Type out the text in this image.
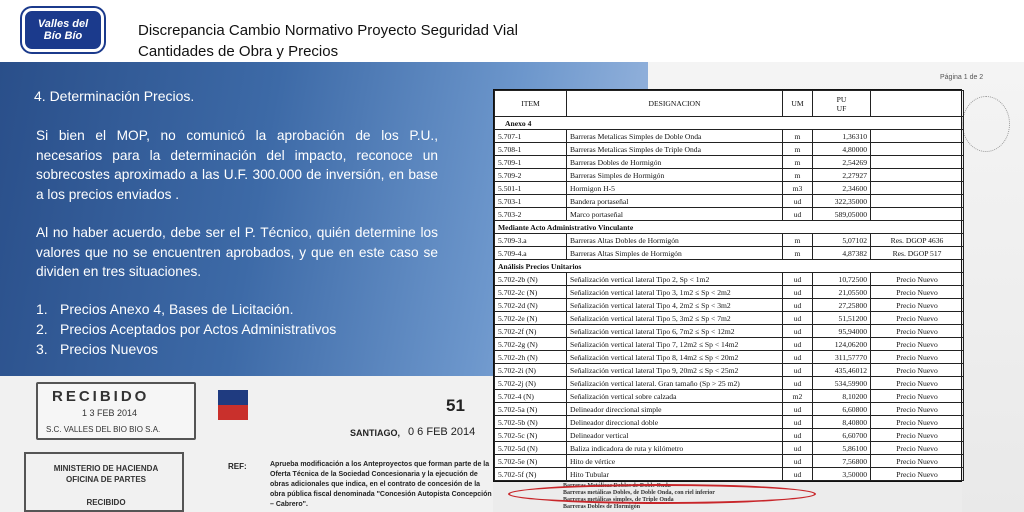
Valles del
Bío Bío	Discrepancia Cambio Normativo Proyecto Seguridad Vial
Cantidades de Obra y Precios
Página 1 de 2
RECIBIDO
1 3 FEB 2014
S.C. VALLES DEL BIO BIO S.A.
51
SANTIAGO, 0 6 FEB 2014
MINISTERIO DE HACIENDA
OFICINA DE PARTES
RECIBIDO
REF:	Aprueba modificación a los Anteproyectos que forman parte de la Oferta Técnica de la Sociedad Concesionaria y la ejecución de obras adicionales que indica, en el contrato de concesión de la obra pública fiscal denominada "Concesión Autopista Concepción – Cabrero".
4. Determinación Precios.
Si bien el MOP, no comunicó la aprobación de los P.U., necesarios para la determinación del impacto, reconoce un sobrecostes aproximado a las U.F. 300.000 de inversión, en base a los precios enviados .
Al no haber acuerdo, debe ser el P. Técnico, quién determine los valores que no se encuentren aprobados, y que en este caso se dividen en tres situaciones.
1. Precios Anexo 4, Bases de Licitación.
2. Precios Aceptados por Actos Administrativos
3. Precios Nuevos
ITEM	DESIGNACION	UM	PU
UF	
Anexo 4				
5.707-1	Barreras Metalicas Simples de Doble Onda	m	1,36310	
5.708-1	Barreras Metalicas Simples de Triple Onda	m	4,80000	
5.709-1	Barreras Dobles de Hormigón	m	2,54269	
5.709-2	Barreras Simples de Hormigón	m	2,27927	
5.501-1	Hormigon H-5	m3	2,34600	
5.703-1	Bandera portaseñal	ud	322,35000	
5.703-2	Marco portaseñal	ud	589,05000	
Mediante Acto Administrativo Vinculante				
5.709-3.a	Barreras Altas Dobles de Hormigón	m	5,07102	Res. DGOP 4636
5.709-4.a	Barreras Altas Simples de Hormigón	m	4,87382	Res. DGOP 517
Análisis Precios Unitarios				
5.702-2b (N)	Señalización vertical lateral Tipo 2, Sp < 1m2	ud	10,72500	Precio Nuevo
5.702-2c (N)	Señalización vertical lateral Tipo 3, 1m2 ≤ Sp < 2m2	ud	21,05500	Precio Nuevo
5.702-2d (N)	Señalización vertical lateral Tipo 4, 2m2 ≤ Sp < 3m2	ud	27,25800	Precio Nuevo
5.702-2e (N)	Señalización vertical lateral Tipo 5, 3m2 ≤ Sp < 7m2	ud	51,51200	Precio Nuevo
5.702-2f (N)	Señalización vertical lateral Tipo 6, 7m2 ≤ Sp < 12m2	ud	95,94000	Precio Nuevo
5.702-2g (N)	Señalización vertical lateral Tipo 7, 12m2 ≤ Sp < 14m2	ud	124,06200	Precio Nuevo
5.702-2h (N)	Señalización vertical lateral Tipo 8, 14m2 ≤ Sp < 20m2	ud	311,57770	Precio Nuevo
5.702-2i (N)	Señalización vertical lateral Tipo 9, 20m2 ≤ Sp < 25m2	ud	435,46012	Precio Nuevo
5.702-2j (N)	Señalización vertical lateral. Gran tamaño (Sp > 25 m2)	ud	534,59900	Precio Nuevo
5.702-4 (N)	Señalización vertical sobre calzada	m2	8,10200	Precio Nuevo
5.702-5a (N)	Delineador direccional simple	ud	6,60800	Precio Nuevo
5.702-5b (N)	Delineador direccional doble	ud	8,40800	Precio Nuevo
5.702-5c (N)	Delineador vertical	ud	6,60700	Precio Nuevo
5.702-5d (N)	Baliza indicadora de ruta y kilómetro	ud	5,86100	Precio Nuevo
5.702-5e (N)	Hito de vértice	ud	7,56800	Precio Nuevo
5.702-5f (N)	Hito Tubular	ud	3,50000	Precio Nuevo
Barreras Metálicas Dobles de Doble Onda
Barreras metálicas Dobles, de Doble Onda, con riel inferior
Barreras metálicas simples, de Triple Onda
Barreras Dobles de Hormigón
